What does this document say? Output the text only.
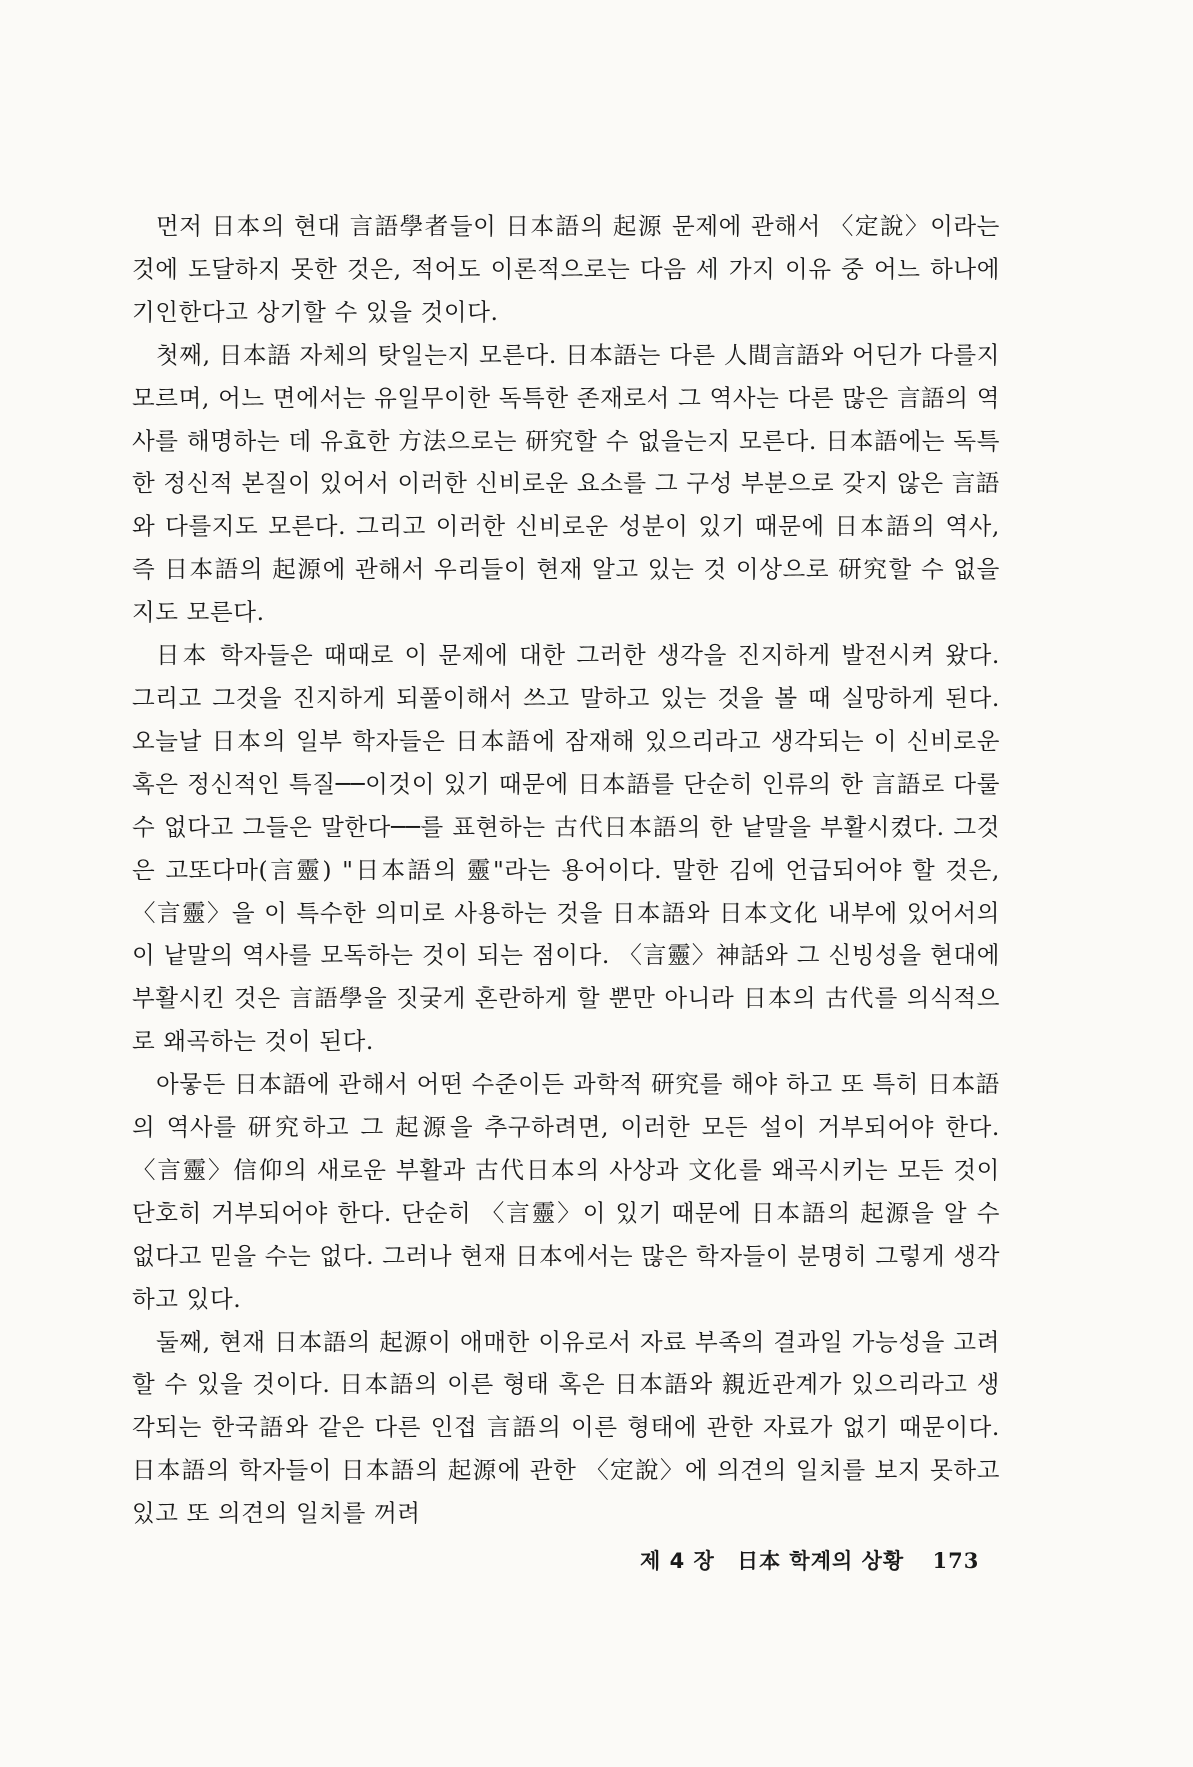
먼저 日本의 현대 言語學者들이 日本語의 起源 문제에 관해서 〈定說〉이라는 것에 도달하지 못한 것은, 적어도 이론적으로는 다음 세 가지 이유 중 어느 하나에 기인한다고 상기할 수 있을 것이다.

첫째, 日本語 자체의 탓일는지 모른다. 日本語는 다른 人間言語와 어딘가 다를지 모르며, 어느 면에서는 유일무이한 독특한 존재로서 그 역사는 다른 많은 言語의 역사를 해명하는 데 유효한 方法으로는 研究할 수 없을는지 모른다. 日本語에는 독특한 정신적 본질이 있어서 이러한 신비로운 요소를 그 구성 부분으로 갖지 않은 言語와 다를지도 모른다. 그리고 이러한 신비로운 성분이 있기 때문에 日本語의 역사, 즉 日本語의 起源에 관해서 우리들이 현재 알고 있는 것 이상으로 研究할 수 없을지도 모른다.

日本 학자들은 때때로 이 문제에 대한 그러한 생각을 진지하게 발전시켜 왔다. 그리고 그것을 진지하게 되풀이해서 쓰고 말하고 있는 것을 볼 때 실망하게 된다. 오늘날 日本의 일부 학자들은 日本語에 잠재해 있으리라고 생각되는 이 신비로운 혹은 정신적인 특질──이것이 있기 때문에 日本語를 단순히 인류의 한 言語로 다룰 수 없다고 그들은 말한다──를 표현하는 古代日本語의 한 낱말을 부활시켰다. 그것은 고또다마(言靈) "日本語의 靈"라는 용어이다. 말한 김에 언급되어야 할 것은, 〈言靈〉을 이 특수한 의미로 사용하는 것을 日本語와 日本文化 내부에 있어서의 이 낱말의 역사를 모독하는 것이 되는 점이다. 〈言靈〉神話와 그 신빙성을 현대에 부활시킨 것은 言語學을 짓궂게 혼란하게 할 뿐만 아니라 日本의 古代를 의식적으로 왜곡하는 것이 된다.

아뭏든 日本語에 관해서 어떤 수준이든 과학적 研究를 해야 하고 또 특히 日本語의 역사를 研究하고 그 起源을 추구하려면, 이러한 모든 설이 거부되어야 한다. 〈言靈〉信仰의 새로운 부활과 古代日本의 사상과 文化를 왜곡시키는 모든 것이 단호히 거부되어야 한다. 단순히 〈言靈〉이 있기 때문에 日本語의 起源을 알 수 없다고 믿을 수는 없다. 그러나 현재 日本에서는 많은 학자들이 분명히 그렇게 생각하고 있다.

둘째, 현재 日本語의 起源이 애매한 이유로서 자료 부족의 결과일 가능성을 고려할 수 있을 것이다. 日本語의 이른 형태 혹은 日本語와 親近관계가 있으리라고 생각되는 한국語와 같은 다른 인접 言語의 이른 형태에 관한 자료가 없기 때문이다. 日本語의 학자들이 日本語의 起源에 관한 〈定說〉에 의견의 일치를 보지 못하고 있고 또 의견의 일치를 꺼려

제 4 장 日本 학계의 상황 173
